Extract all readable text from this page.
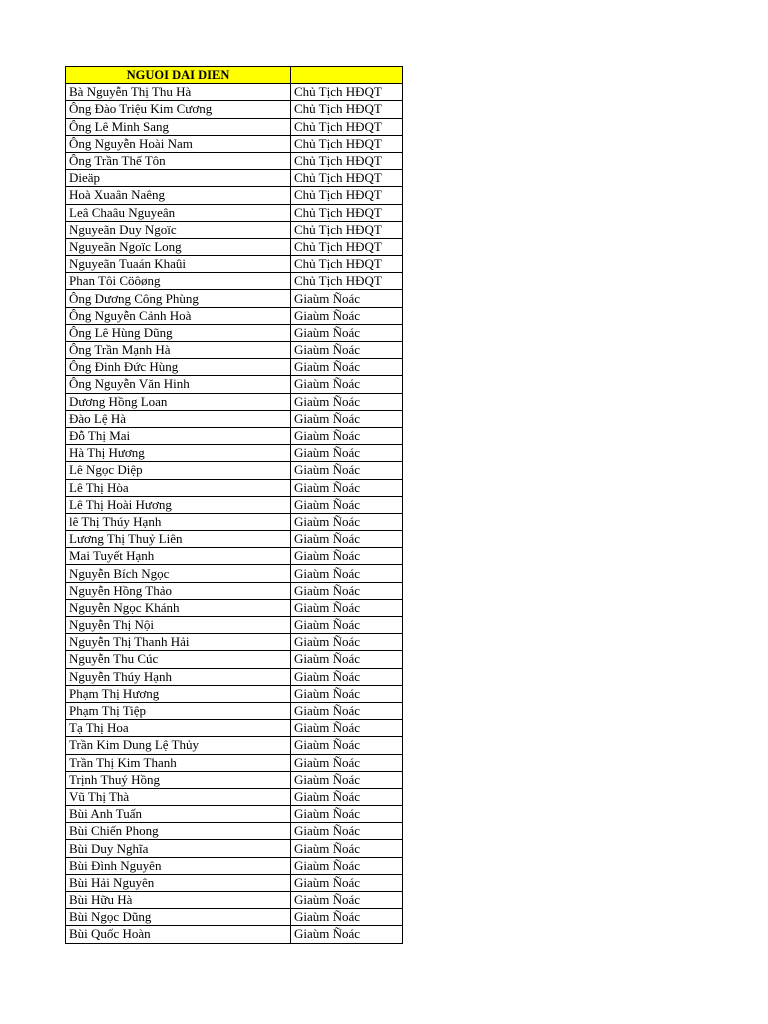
NGUOI DAI DIEN	
Bà Nguyễn Thị Thu Hà	Chủ Tịch HĐQT
Ông Đào Triệu Kim Cương	Chủ Tịch HĐQT
Ông Lê Minh Sang	Chủ Tịch HĐQT
Ông Nguyễn Hoài Nam	Chủ Tịch HĐQT
Ông Trần Thế Tôn	Chủ Tịch HĐQT
Dieäp	Chủ Tịch HĐQT
Hoà Xuaân Naêng	Chủ Tịch HĐQT
Leâ Chaâu Nguyeân	Chủ Tịch HĐQT
Nguyeãn Duy Ngoïc	Chủ Tịch HĐQT
Nguyeãn Ngoïc Long	Chủ Tịch HĐQT
Nguyeãn Tuaán Khaûi	Chủ Tịch HĐQT
Phan Tôi Cöôøng	Chủ Tịch HĐQT
Ông Dương Công Phùng	Giaùm Ñoác
Ông Nguyễn Cảnh Hoà	Giaùm Ñoác
Ông Lê Hùng Dũng	Giaùm Ñoác
Ông Trần Mạnh Hà	Giaùm Ñoác
Ông Đinh Đức Hùng	Giaùm Ñoác
Ông Nguyễn Văn Hinh	Giaùm Ñoác
Dương Hồng Loan	Giaùm Ñoác
Đào Lệ Hà	Giaùm Ñoác
Đỗ Thị Mai	Giaùm Ñoác
Hà Thị Hương	Giaùm Ñoác
Lê Ngọc Diệp	Giaùm Ñoác
Lê Thị Hòa	Giaùm Ñoác
Lê Thị Hoài Hương	Giaùm Ñoác
lê Thị Thúy Hạnh	Giaùm Ñoác
Lương Thị Thuỷ Liên	Giaùm Ñoác
Mai Tuyết Hạnh	Giaùm Ñoác
Nguyễn Bích Ngọc	Giaùm Ñoác
Nguyễn Hồng Thảo	Giaùm Ñoác
Nguyễn Ngọc Khánh	Giaùm Ñoác
Nguyễn Thị Nội	Giaùm Ñoác
Nguyễn Thị Thanh Hải	Giaùm Ñoác
Nguyễn Thu Cúc	Giaùm Ñoác
Nguyễn Thúy Hạnh	Giaùm Ñoác
Phạm Thị Hương	Giaùm Ñoác
Phạm Thị Tiệp	Giaùm Ñoác
Tạ Thị Hoa	Giaùm Ñoác
Trần Kim Dung Lệ Thủy	Giaùm Ñoác
Trần Thị Kim Thanh	Giaùm Ñoác
Trịnh Thuý Hồng	Giaùm Ñoác
Vũ Thị Thà	Giaùm Ñoác
Bùi Anh Tuấn	Giaùm Ñoác
Bùi Chiến Phong	Giaùm Ñoác
Bùi Duy Nghĩa	Giaùm Ñoác
Bùi Đình Nguyên	Giaùm Ñoác
Bùi Hải Nguyên	Giaùm Ñoác
Bùi Hữu Hà	Giaùm Ñoác
Bùi Ngọc Dũng	Giaùm Ñoác
Bùi Quốc Hoàn	Giaùm Ñoác
